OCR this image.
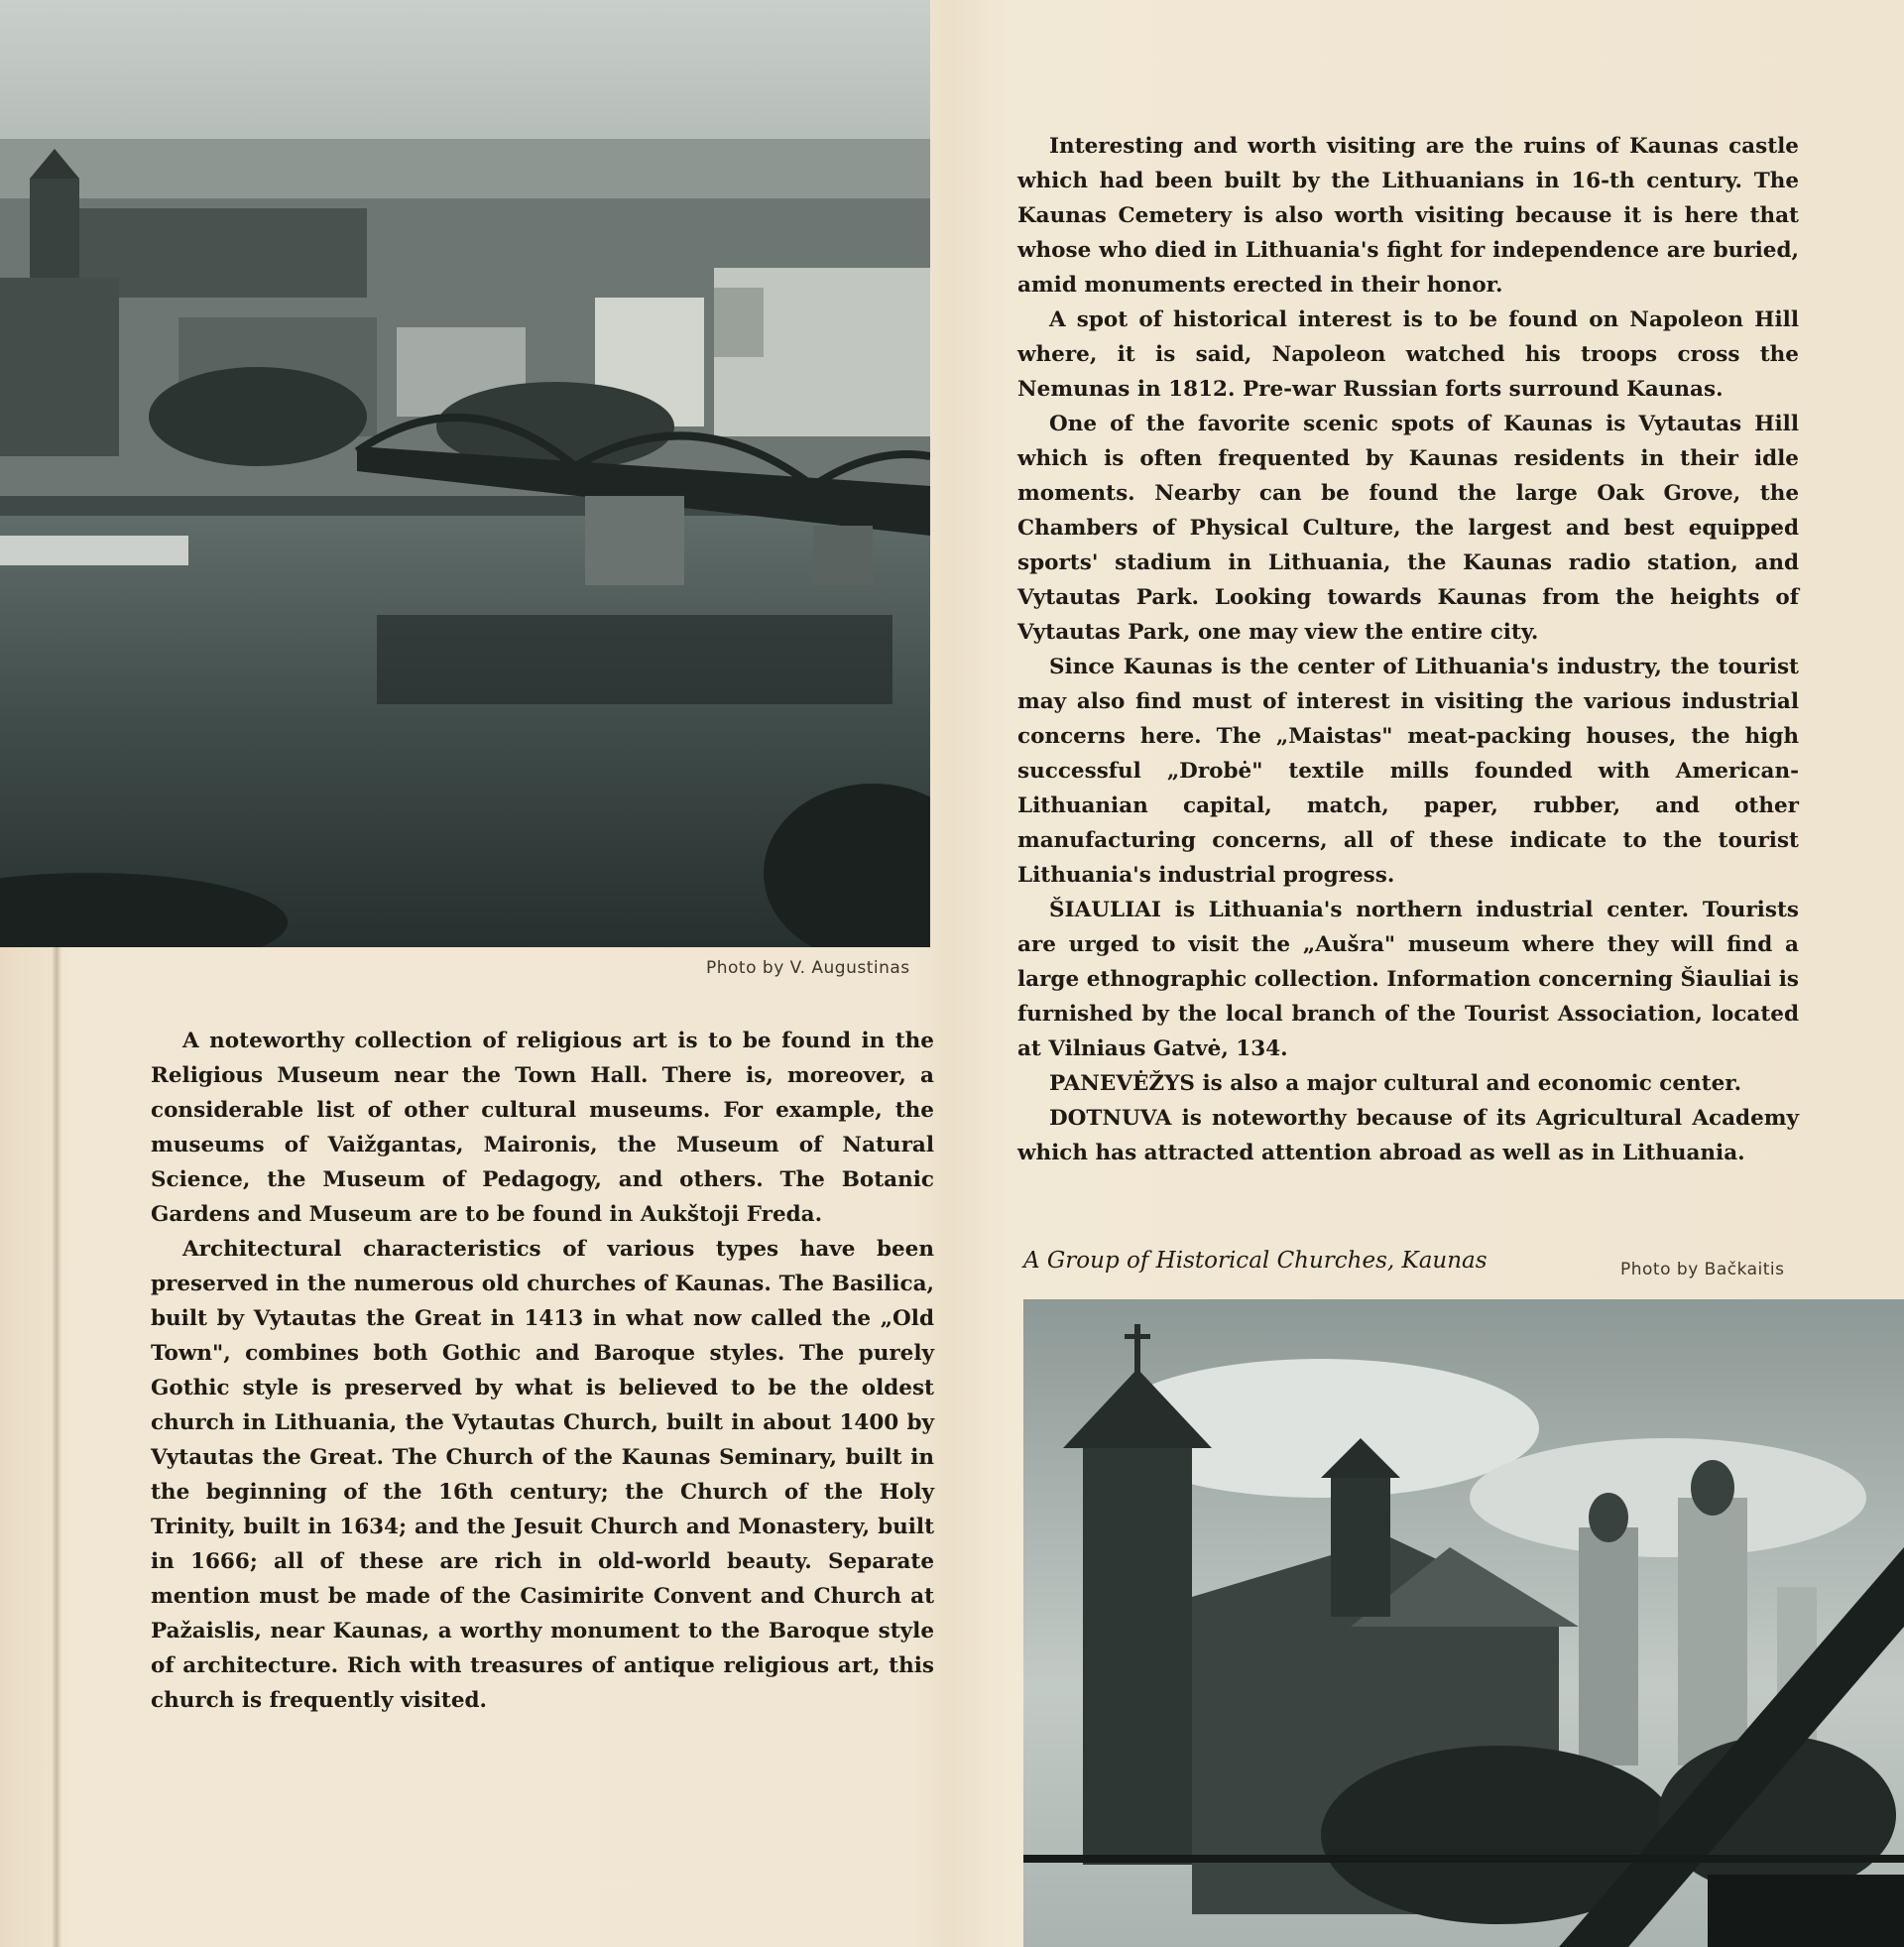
Photo by V. Augustinas

A noteworthy collection of religious art is to be found in the Religious Museum near the Town Hall. There is, moreover, a considerable list of other cultural museums. For example, the museums of Vaižgantas, Maironis, the Museum of Natural Science, the Museum of Pedagogy, and others. The Botanic Gardens and Museum are to be found in Aukštoji Freda.

Architectural characteristics of various types have been preserved in the numerous old churches of Kaunas. The Basilica, built by Vytautas the Great in 1413 in what now called the „Old Town", combines both Gothic and Baroque styles. The purely Gothic style is preserved by what is believed to be the oldest church in Lithuania, the Vytautas Church, built in about 1400 by Vytautas the Great. The Church of the Kaunas Seminary, built in the beginning of the 16th century; the Church of the Holy Trinity, built in 1634; and the Jesuit Church and Monastery, built in 1666; all of these are rich in old-world beauty. Separate mention must be made of the Casimirite Convent and Church at Pažaislis, near Kaunas, a worthy monument to the Baroque style of architecture. Rich with treasures of antique religious art, this church is frequently visited.

Interesting and worth visiting are the ruins of Kaunas castle which had been built by the Lithuanians in 16-th century. The Kaunas Cemetery is also worth visiting because it is here that whose who died in Lithuania's fight for independence are buried, amid monuments erected in their honor.

A spot of historical interest is to be found on Napoleon Hill where, it is said, Napoleon watched his troops cross the Nemunas in 1812. Pre-war Russian forts surround Kaunas.

One of the favorite scenic spots of Kaunas is Vytautas Hill which is often frequented by Kaunas residents in their idle moments. Nearby can be found the large Oak Grove, the Chambers of Physical Culture, the largest and best equipped sports' stadium in Lithuania, the Kaunas radio station, and Vytautas Park. Looking towards Kaunas from the heights of Vytautas Park, one may view the entire city.

Since Kaunas is the center of Lithuania's industry, the tourist may also find must of interest in visiting the various industrial concerns here. The „Maistas" meat-packing houses, the high successful „Drobė" textile mills founded with American-Lithuanian capital, match, paper, rubber, and other manufacturing concerns, all of these indicate to the tourist Lithuania's industrial progress.

ŠIAULIAI is Lithuania's northern industrial center. Tourists are urged to visit the „Aušra" museum where they will find a large ethnographic collection. Information concerning Šiauliai is furnished by the local branch of the Tourist Association, located at Vilniaus Gatvė, 134.

PANEVĖŽYS is also a major cultural and economic center.

DOTNUVA is noteworthy because of its Agricultural Academy which has attracted attention abroad as well as in Lithuania.

A Group of Historical Churches, Kaunas	Photo by Bačkaitis
